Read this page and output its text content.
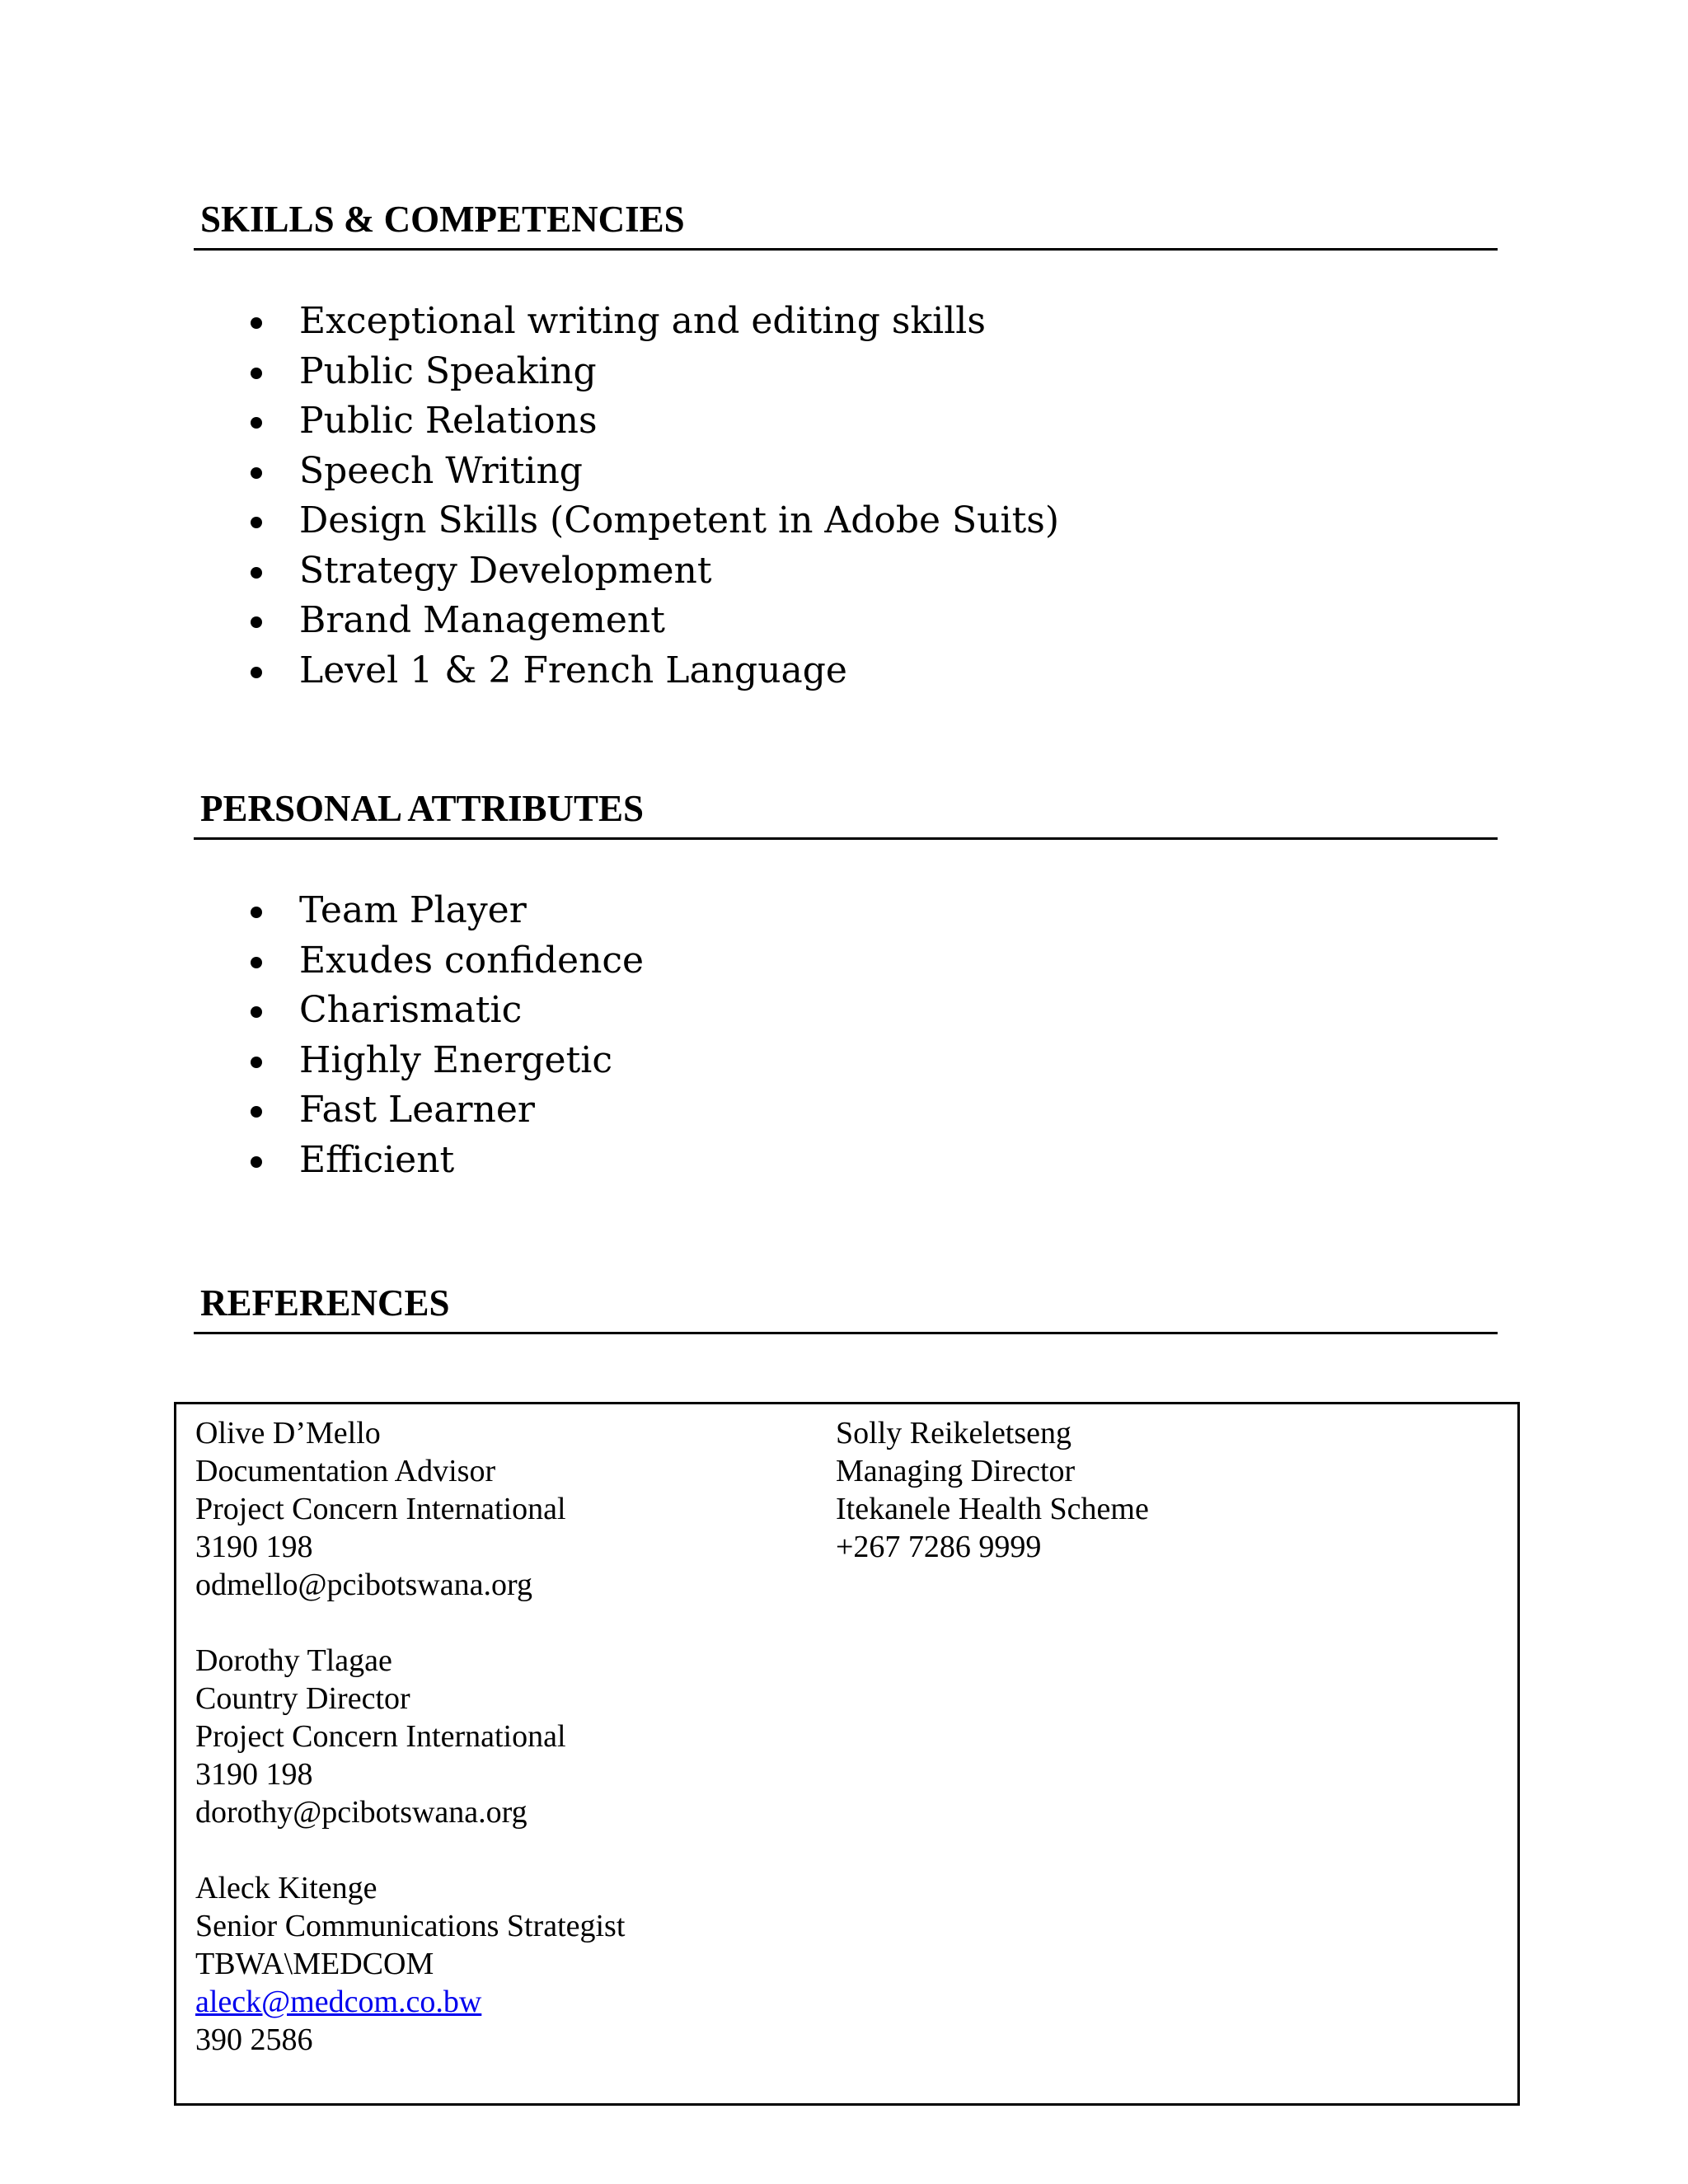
SKILLS & COMPETENCIES
Exceptional writing and editing skills
Public Speaking
Public Relations
Speech Writing
Design Skills (Competent in Adobe Suits)
Strategy Development
Brand Management
Level 1 & 2 French Language
PERSONAL ATTRIBUTES
Team Player
Exudes confidence
Charismatic
Highly Energetic
Fast Learner
Efficient
REFERENCES
Olive D’Mello
Documentation Advisor
Project Concern International
3190 198
odmello@pcibotswana.org
Dorothy Tlagae
Country Director
Project Concern International
3190 198
dorothy@pcibotswana.org
Aleck Kitenge
Senior Communications Strategist
TBWA\MEDCOM
aleck@medcom.co.bw
390 2586
Solly Reikeletseng
Managing Director
Itekanele Health Scheme
+267 7286 9999
